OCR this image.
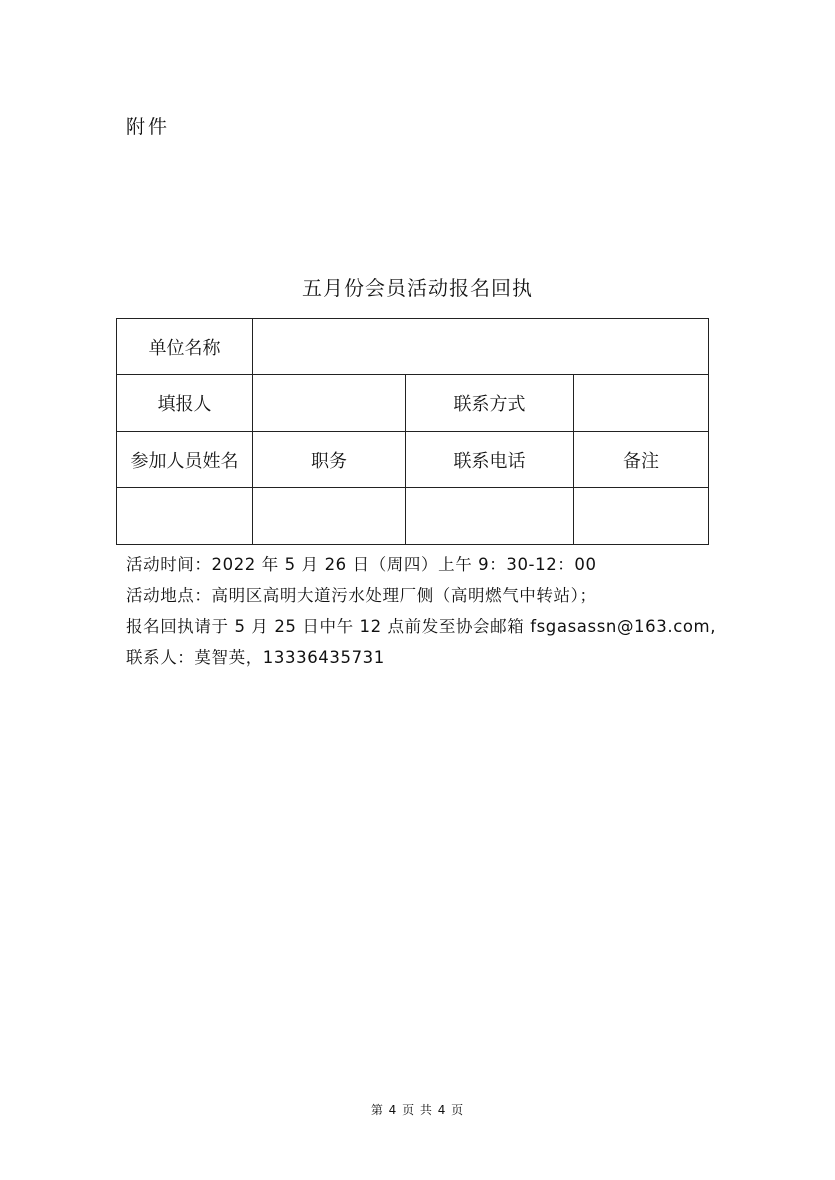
附件
五月份会员活动报名回执
单位名称			
填报人		联系方式	
参加人员姓名	职务	联系电话	备注

活动时间：2022 年 5 月 26 日（周四）上午 9：30-12：00
活动地点：高明区高明大道污水处理厂侧（高明燃气中转站）；
报名回执请于 5 月 25 日中午 12 点前发至协会邮箱 fsgasassn@163.com,
联系人：莫智英，13336435731
第 4 页 共 4 页
